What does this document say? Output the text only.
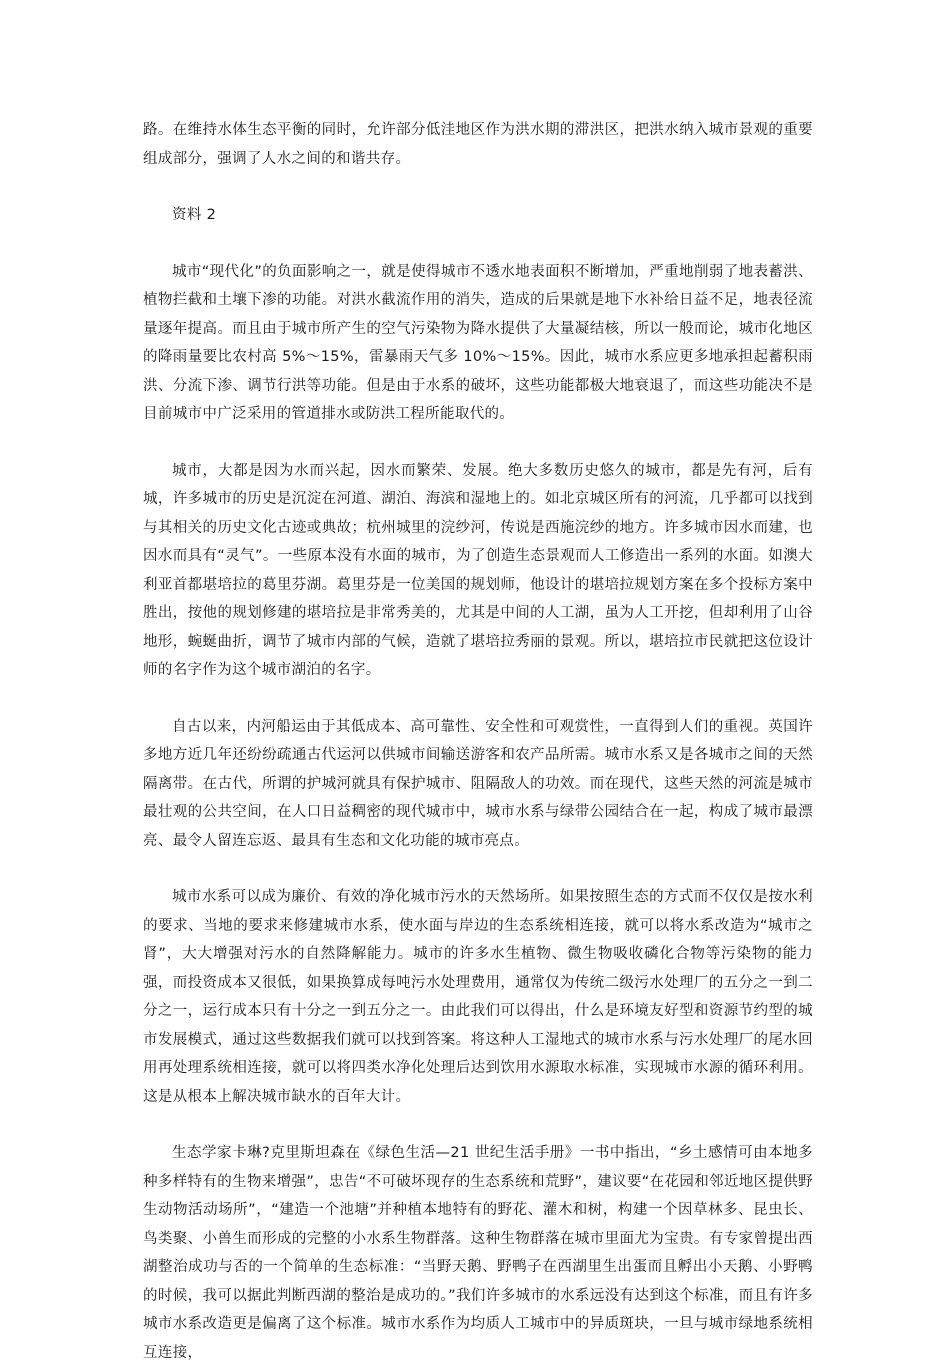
路。在维持水体生态平衡的同时，允许部分低洼地区作为洪水期的滞洪区，把洪水纳入城市景观的重要组成部分，强调了人水之间的和谐共存。

资料 2

城市“现代化”的负面影响之一，就是使得城市不透水地表面积不断增加，严重地削弱了地表蓄洪、植物拦截和土壤下渗的功能。对洪水截流作用的消失，造成的后果就是地下水补给日益不足，地表径流量逐年提高。而且由于城市所产生的空气污染物为降水提供了大量凝结核，所以一般而论，城市化地区的降雨量要比农村高 5%～15%，雷暴雨天气多 10%～15%。因此，城市水系应更多地承担起蓄积雨洪、分流下渗、调节行洪等功能。但是由于水系的破坏，这些功能都极大地衰退了，而这些功能决不是目前城市中广泛采用的管道排水或防洪工程所能取代的。

城市，大都是因为水而兴起，因水而繁荣、发展。绝大多数历史悠久的城市，都是先有河，后有城，许多城市的历史是沉淀在河道、湖泊、海滨和湿地上的。如北京城区所有的河流，几乎都可以找到与其相关的历史文化古迹或典故；杭州城里的浣纱河，传说是西施浣纱的地方。许多城市因水而建，也因水而具有“灵气”。一些原本没有水面的城市，为了创造生态景观而人工修造出一系列的水面。如澳大利亚首都堪培拉的葛里芬湖。葛里芬是一位美国的规划师，他设计的堪培拉规划方案在多个投标方案中胜出，按他的规划修建的堪培拉是非常秀美的，尤其是中间的人工湖，虽为人工开挖，但却利用了山谷地形，蜿蜒曲折，调节了城市内部的气候，造就了堪培拉秀丽的景观。所以，堪培拉市民就把这位设计师的名字作为这个城市湖泊的名字。

自古以来，内河船运由于其低成本、高可靠性、安全性和可观赏性，一直得到人们的重视。英国许多地方近几年还纷纷疏通古代运河以供城市间输送游客和农产品所需。城市水系又是各城市之间的天然隔离带。在古代，所谓的护城河就具有保护城市、阻隔敌人的功效。而在现代，这些天然的河流是城市最壮观的公共空间，在人口日益稠密的现代城市中，城市水系与绿带公园结合在一起，构成了城市最漂亮、最令人留连忘返、最具有生态和文化功能的城市亮点。

城市水系可以成为廉价、有效的净化城市污水的天然场所。如果按照生态的方式而不仅仅是按水利的要求、当地的要求来修建城市水系，使水面与岸边的生态系统相连接，就可以将水系改造为“城市之肾”，大大增强对污水的自然降解能力。城市的许多水生植物、微生物吸收磷化合物等污染物的能力强，而投资成本又很低，如果换算成每吨污水处理费用，通常仅为传统二级污水处理厂的五分之一到二分之一，运行成本只有十分之一到五分之一。由此我们可以得出，什么是环境友好型和资源节约型的城市发展模式，通过这些数据我们就可以找到答案。将这种人工湿地式的城市水系与污水处理厂的尾水回用再处理系统相连接，就可以将四类水净化处理后达到饮用水源取水标准，实现城市水源的循环利用。这是从根本上解决城市缺水的百年大计。

生态学家卡琳?克里斯坦森在《绿色生活—21 世纪生活手册》一书中指出，“乡土感情可由本地多种多样特有的生物来增强”，忠告“不可破坏现存的生态系统和荒野”，建议要“在花园和邻近地区提供野生动物活动场所”，“建造一个池塘”并种植本地特有的野花、灌木和树，构建一个因草林多、昆虫长、鸟类聚、小兽生而形成的完整的小水系生物群落。这种生物群落在城市里面尤为宝贵。有专家曾提出西湖整治成功与否的一个简单的生态标准：“当野天鹅、野鸭子在西湖里生出蛋而且孵出小天鹅、小野鸭的时候，我可以据此判断西湖的整治是成功的。”我们许多城市的水系远没有达到这个标准，而且有许多城市水系改造更是偏离了这个标准。城市水系作为均质人工城市中的异质斑块，一旦与城市绿地系统相互连接，
